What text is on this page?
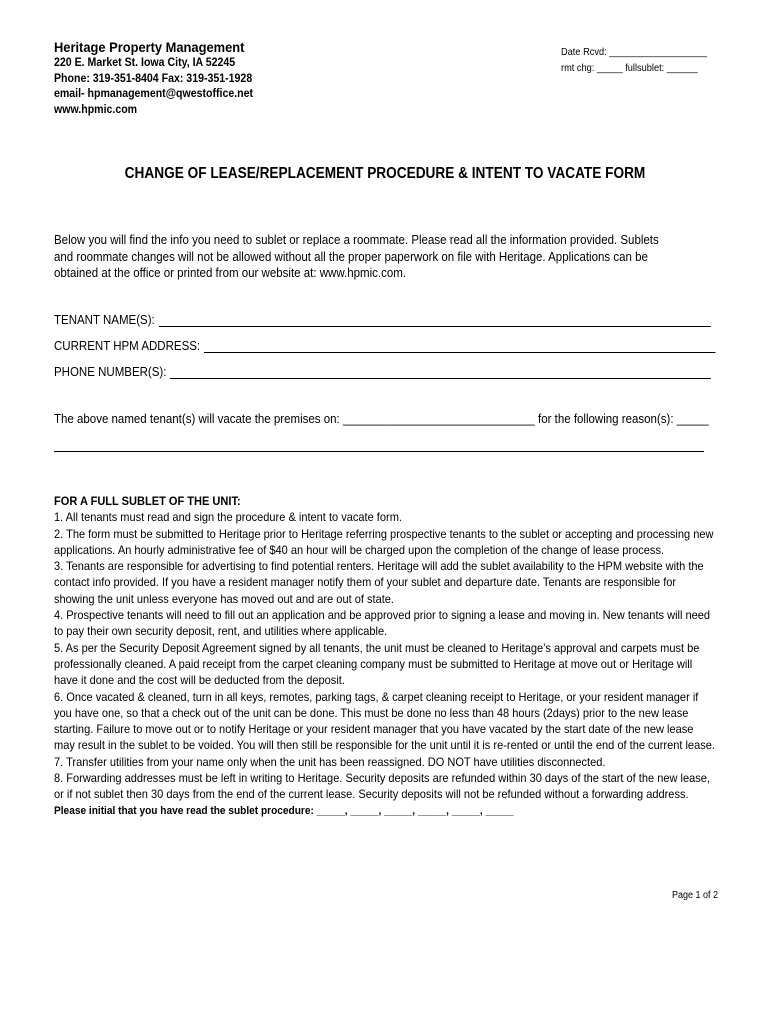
Heritage Property Management
220 E. Market St. Iowa City, IA 52245
Phone: 319-351-8404 Fax: 319-351-1928
email- hpmanagement@qwestoffice.net
www.hpmic.com
Date Rcvd: ___________________
rmt chg: _____ fullsublet: ______
CHANGE OF LEASE/REPLACEMENT PROCEDURE & INTENT TO VACATE FORM
Below you will find the info you need to sublet or replace a roommate. Please read all the information provided. Sublets and roommate changes will not be allowed without all the proper paperwork on file with Heritage. Applications can be obtained at the office or printed from our website at: www.hpmic.com.
TENANT NAME(S):
CURRENT HPM ADDRESS:
PHONE NUMBER(S):
The above named tenant(s) will vacate the premises on: ______________________________ for the following reason(s): _____
FOR A FULL SUBLET OF THE UNIT:
1. All tenants must read and sign the procedure & intent to vacate form.
2. The form must be submitted to Heritage prior to Heritage referring prospective tenants to the sublet or accepting and processing new applications. An hourly administrative fee of $40 an hour will be charged upon the completion of the change of lease process.
3. Tenants are responsible for advertising to find potential renters. Heritage will add the sublet availability to the HPM website with the contact info provided. If you have a resident manager notify them of your sublet and departure date. Tenants are responsible for showing the unit unless everyone has moved out and are out of state.
4. Prospective tenants will need to fill out an application and be approved prior to signing a lease and moving in. New tenants will need to pay their own security deposit, rent, and utilities where applicable.
5. As per the Security Deposit Agreement signed by all tenants, the unit must be cleaned to Heritage’s approval and carpets must be professionally cleaned. A paid receipt from the carpet cleaning company must be submitted to Heritage at move out or Heritage will have it done and the cost will be deducted from the deposit.
6. Once vacated & cleaned, turn in all keys, remotes, parking tags, & carpet cleaning receipt to Heritage, or your resident manager if you have one, so that a check out of the unit can be done. This must be done no less than 48 hours (2days) prior to the new lease starting. Failure to move out or to notify Heritage or your resident manager that you have vacated by the start date of the new lease may result in the sublet to be voided. You will then still be responsible for the unit until it is re-rented or until the end of the current lease.
7. Transfer utilities from your name only when the unit has been reassigned. DO NOT have utilities disconnected.
8. Forwarding addresses must be left in writing to Heritage. Security deposits are refunded within 30 days of the start of the new lease, or if not sublet then 30 days from the end of the current lease. Security deposits will not be refunded without a forwarding address.
Please initial that you have read the sublet procedure: _____, _____, _____, _____, _____, _____
Page 1 of 2
